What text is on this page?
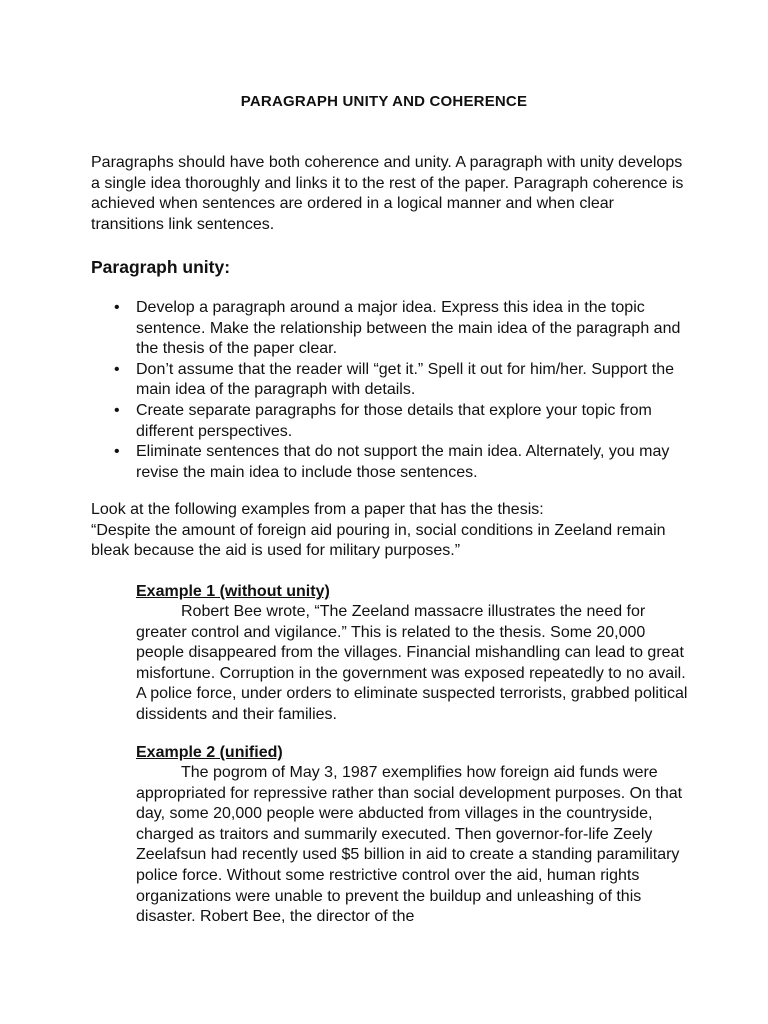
PARAGRAPH UNITY AND COHERENCE
Paragraphs should have both coherence and unity. A paragraph with unity develops a single idea thoroughly and links it to the rest of the paper. Paragraph coherence is achieved when sentences are ordered in a logical manner and when clear transitions link sentences.
Paragraph unity:
• Develop a paragraph around a major idea. Express this idea in the topic sentence. Make the relationship between the main idea of the paragraph and the thesis of the paper clear.
• Don’t assume that the reader will “get it.” Spell it out for him/her. Support the main idea of the paragraph with details.
• Create separate paragraphs for those details that explore your topic from different perspectives.
• Eliminate sentences that do not support the main idea. Alternately, you may revise the main idea to include those sentences.
Look at the following examples from a paper that has the thesis:
“Despite the amount of foreign aid pouring in, social conditions in Zeeland remain bleak because the aid is used for military purposes.”
Example 1 (without unity)

Robert Bee wrote, “The Zeeland massacre illustrates the need for greater control and vigilance.” This is related to the thesis. Some 20,000 people disappeared from the villages. Financial mishandling can lead to great misfortune. Corruption in the government was exposed repeatedly to no avail. A police force, under orders to eliminate suspected terrorists, grabbed political dissidents and their families.

Example 2 (unified)

The pogrom of May 3, 1987 exemplifies how foreign aid funds were appropriated for repressive rather than social development purposes. On that day, some 20,000 people were abducted from villages in the countryside, charged as traitors and summarily executed. Then governor-for-life Zeely Zeelafsun had recently used $5 billion in aid to create a standing paramilitary police force. Without some restrictive control over the aid, human rights organizations were unable to prevent the buildup and unleashing of this disaster. Robert Bee, the director of the
